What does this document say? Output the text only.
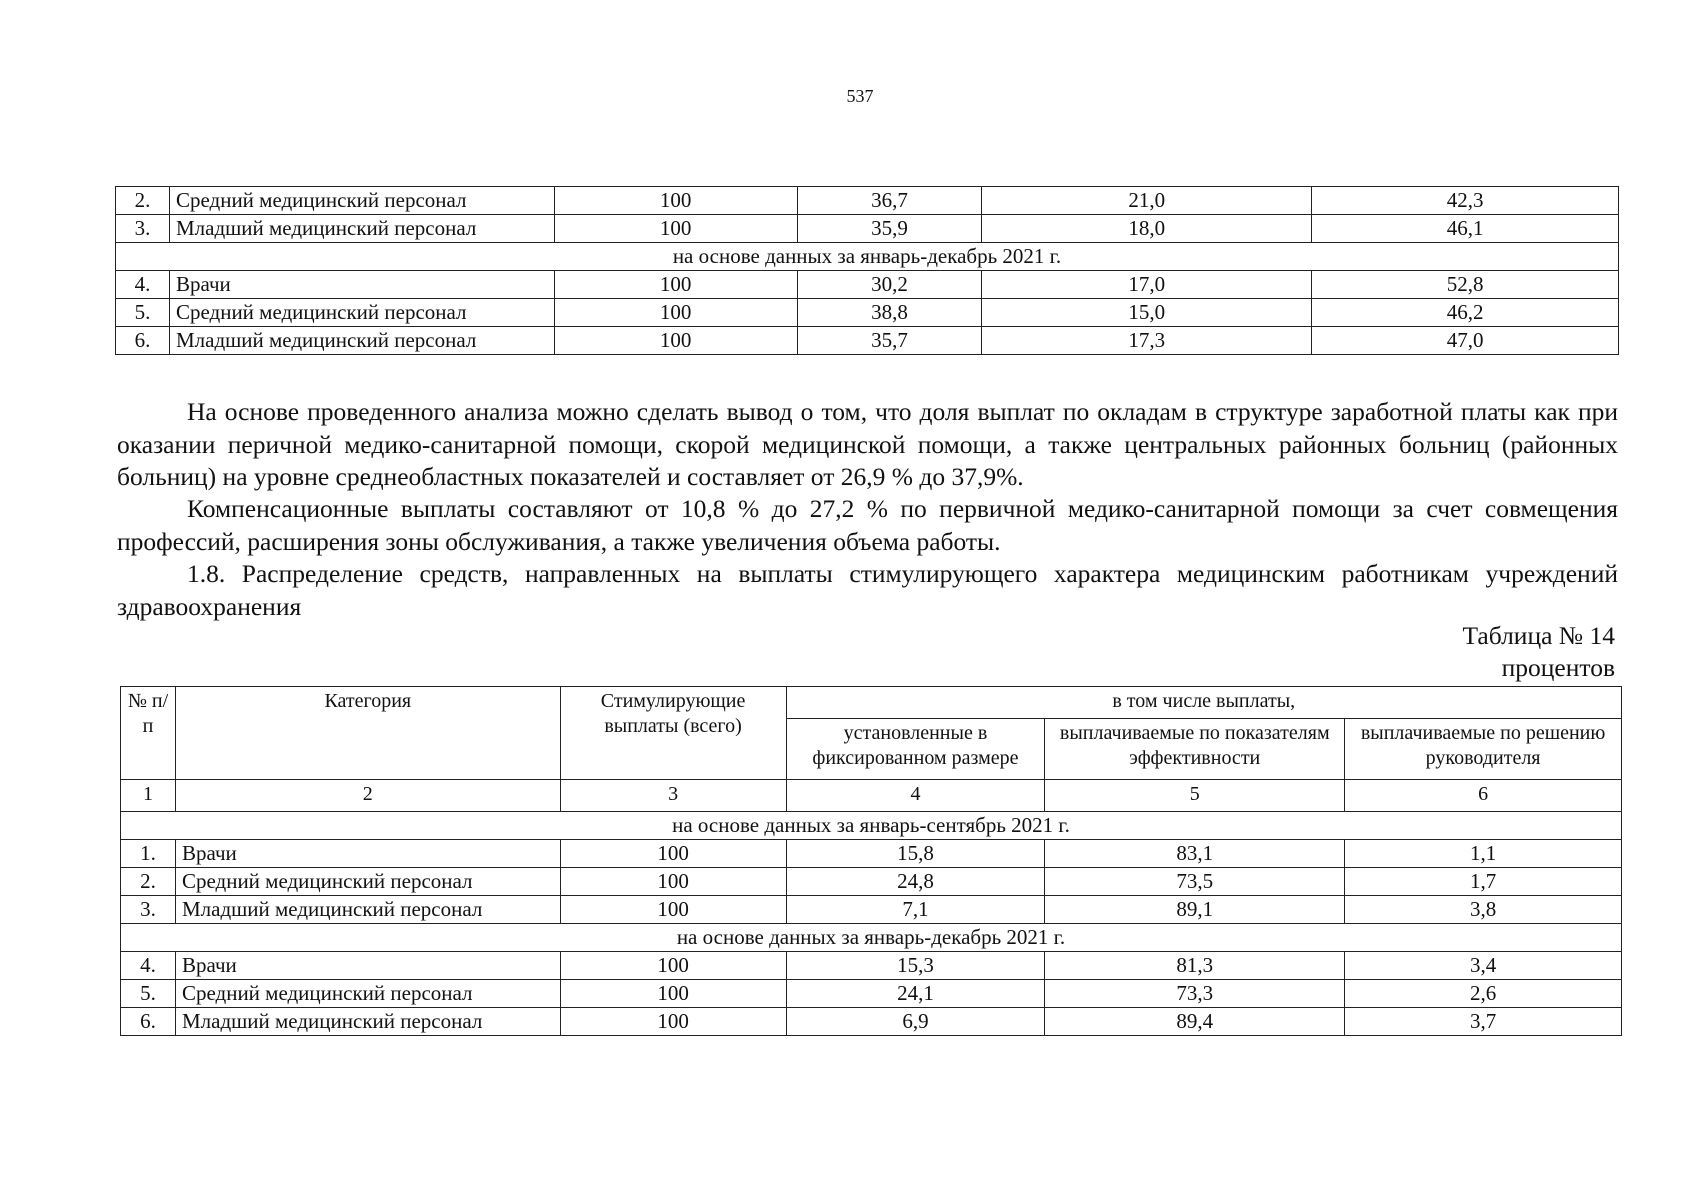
537
2.	Средний медицинский персонал	100	36,7	21,0	42,3
3.	Младший медицинский персонал	100	35,9	18,0	46,1
на основе данных за январь-декабрь 2021 г.					
4.	Врачи	100	30,2	17,0	52,8
5.	Средний медицинский персонал	100	38,8	15,0	46,2
6.	Младший медицинский персонал	100	35,7	17,3	47,0

На основе проведенного анализа можно сделать вывод о том, что доля выплат по окладам в структуре заработной платы как при оказании перичной медико-санитарной помощи, скорой медицинской помощи, а также центральных районных больниц (районных больниц) на уровне среднеобластных показателей и составляет от 26,9 % до 37,9%.

Компенсационные выплаты составляют от 10,8 % до 27,2 % по первичной медико-санитарной помощи за счет совмещения профессий, расширения зоны обслуживания, а также увеличения объема работы.

1.8. Распределение средств, направленных на выплаты стимулирующего характера медицинским работникам учреждений здравоохранения

Таблица № 14
процентов
№ п/п	Категория	Стимулирующие выплаты (всего)	в том числе выплаты,		
			установленные в фиксированном размере	выплачиваемые по показателям эффективности	выплачиваемые по решению руководителя
1	2	3	4	5	6
на основе данных за январь-сентябрь 2021 г.					
1.	Врачи	100	15,8	83,1	1,1
2.	Средний медицинский персонал	100	24,8	73,5	1,7
3.	Младший медицинский персонал	100	7,1	89,1	3,8
на основе данных за январь-декабрь 2021 г.					
4.	Врачи	100	15,3	81,3	3,4
5.	Средний медицинский персонал	100	24,1	73,3	2,6
6.	Младший медицинский персонал	100	6,9	89,4	3,7
